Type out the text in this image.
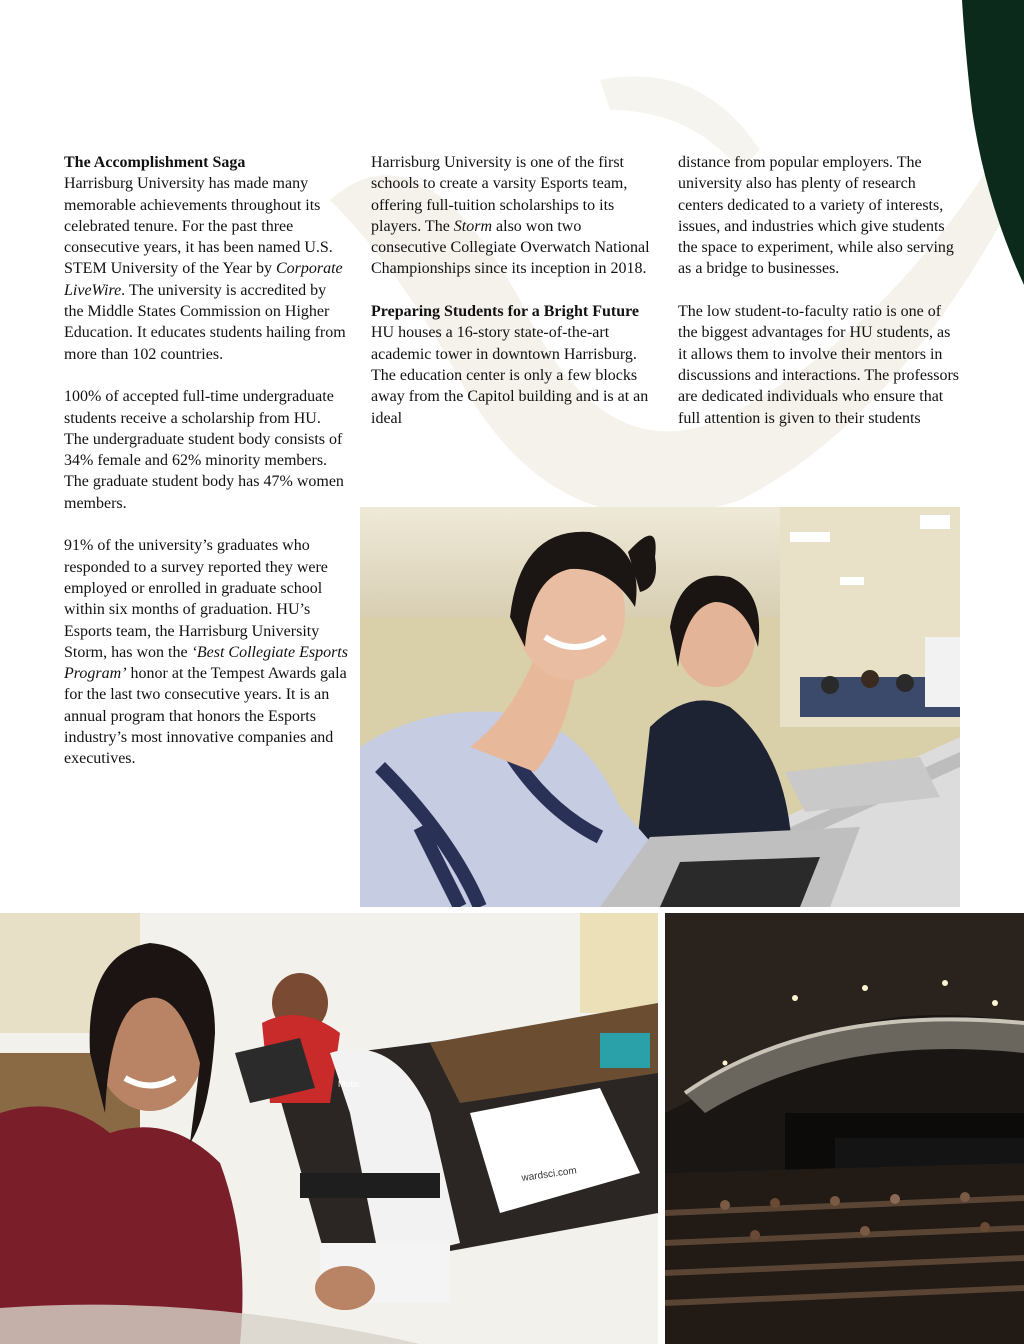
The Accomplishment Saga

Harrisburg University has made many memorable achievements throughout its celebrated tenure. For the past three consecutive years, it has been named U.S. STEM University of the Year by Corporate LiveWire. The university is accredited by the Middle States Commission on Higher Education. It educates students hailing from more than 102 countries.

100% of accepted full-time undergraduate students receive a scholarship from HU. The undergraduate student body consists of 34% female and 62% minority members. The graduate student body has 47% women members.

91% of the university’s graduates who responded to a survey reported they were employed or enrolled in graduate school within six months of graduation. HU’s Esports team, the Harrisburg University Storm, has won the ‘Best Collegiate Esports Program’ honor at the Tempest Awards gala for the last two consecutive years. It is an annual program that honors the Esports industry’s most innovative companies and executives.

Harrisburg University is one of the first schools to create a varsity Esports team, offering full-tuition scholarships to its players. The Storm also won two consecutive Collegiate Overwatch National Championships since its inception in 2018.

Preparing Students for a Bright Future

HU houses a 16-story state-of-the-art academic tower in downtown Harrisburg. The education center is only a few blocks away from the Capitol building and is at an ideal

distance from popular employers. The university also has plenty of research centers dedicated to a variety of interests, issues, and industries which give students the space to experiment, while also serving as a bridge to businesses.

The low student-to-faculty ratio is one of the biggest advantages for HU students, as it allows them to involve their mentors in discussions and interactions. The professors are dedicated individuals who ensure that full attention is given to their students

wardsci.com
Motic
